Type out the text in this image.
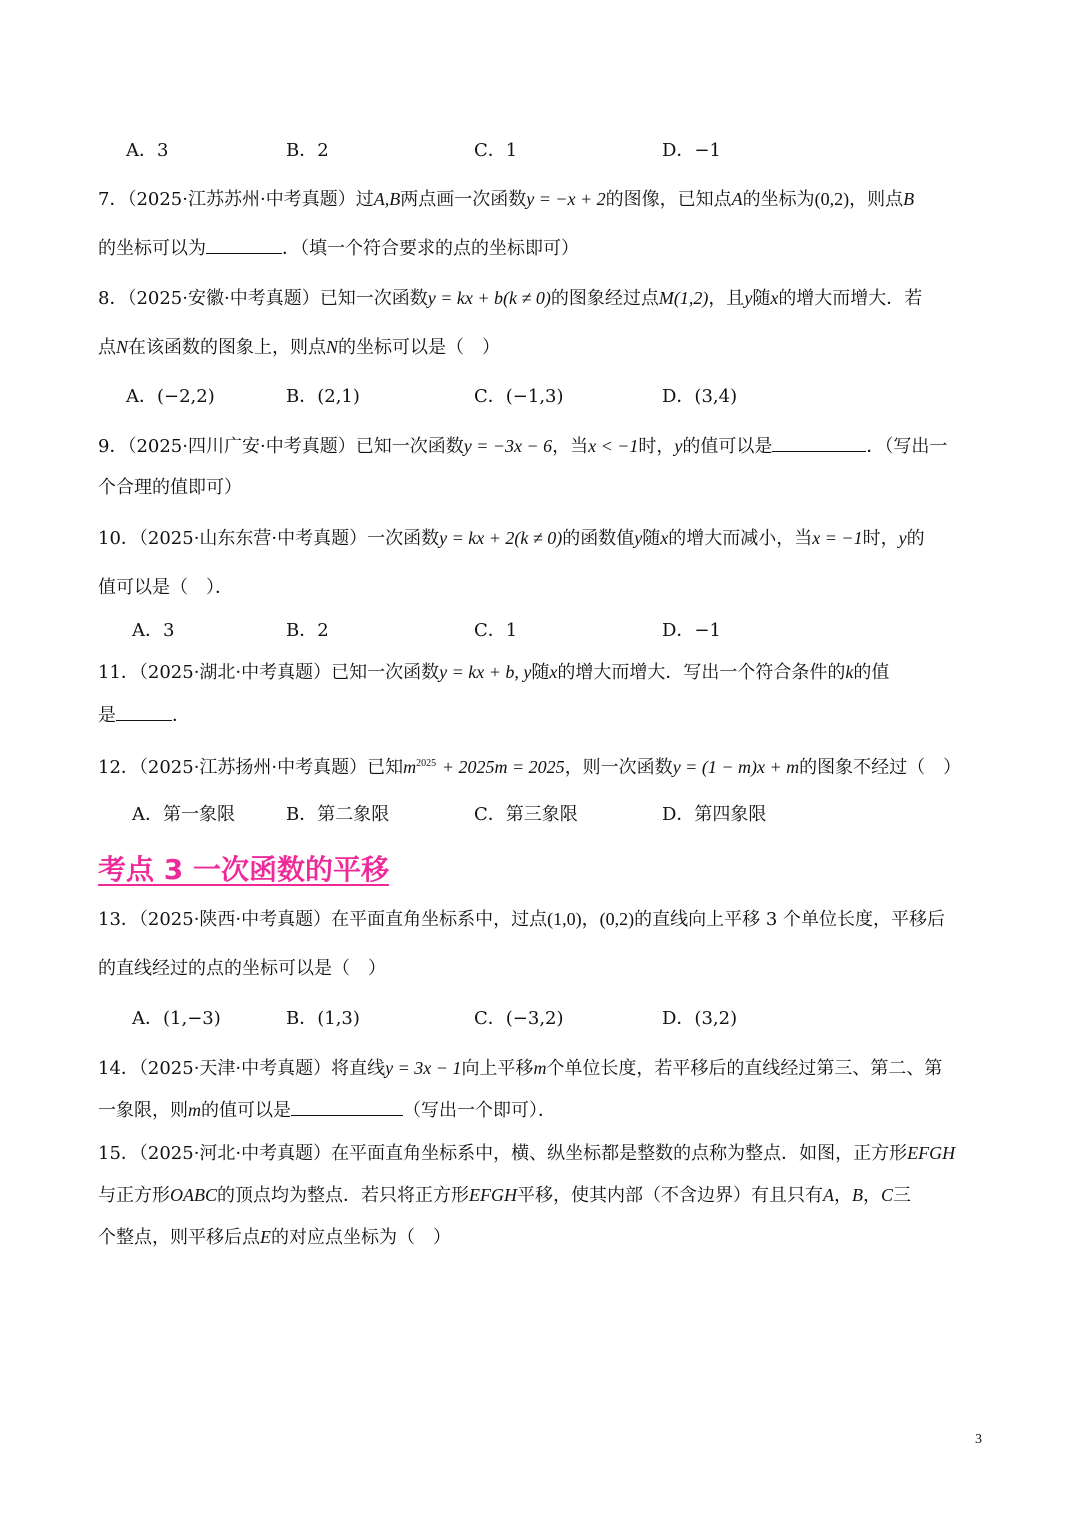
A．3	B．2	C．1	D．−1
7．（2025·江苏苏州·中考真题）过A,B两点画一次函数y = −x + 2的图像，已知点A的坐标为(0,2)，则点B
的坐标可以为	．（填一个符合要求的点的坐标即可）
8．（2025·安徽·中考真题）已知一次函数y = kx + b(k ≠ 0)的图象经过点M(1,2)，且y随x的增大而增大．若
点N在该函数的图象上，则点N的坐标可以是（　）
A．(−2,2)	B．(2,1)	C．(−1,3)	D．(3,4)
9．（2025·四川广安·中考真题）已知一次函数y = −3x − 6，当x < −1时，y的值可以是	．（写出一
个合理的值即可）
10．（2025·山东东营·中考真题）一次函数y = kx + 2(k ≠ 0)的函数值y随x的增大而减小，当x = −1时，y的
值可以是（　）．
A．3	B．2	C．1	D．−1
11．（2025·湖北·中考真题）已知一次函数y = kx + b, y随x的增大而增大．写出一个符合条件的k的值
是	．
12．（2025·江苏扬州·中考真题）已知$m^{2025} + 2025m = 2025$，则一次函数y = (1 − m)x + m的图象不经过（　）
A．第一象限	B．第二象限	C．第三象限	D．第四象限
考点 3 一次函数的平移
13．（2025·陕西·中考真题）在平面直角坐标系中，过点(1,0)，(0,2)的直线向上平移 3 个单位长度，平移后
的直线经过的点的坐标可以是（　）
A．(1,−3)	B．(1,3)	C．(−3,2)	D．(3,2)
14．（2025·天津·中考真题）将直线y = 3x − 1向上平移m个单位长度，若平移后的直线经过第三、第二、第
一象限，则m的值可以是	（写出一个即可）．
15．（2025·河北·中考真题）在平面直角坐标系中，横、纵坐标都是整数的点称为整点．如图，正方形EFGH
与正方形OABC的顶点均为整点．若只将正方形EFGH平移，使其内部（不含边界）有且只有A，B，C三
个整点，则平移后点E的对应点坐标为（　）
3
